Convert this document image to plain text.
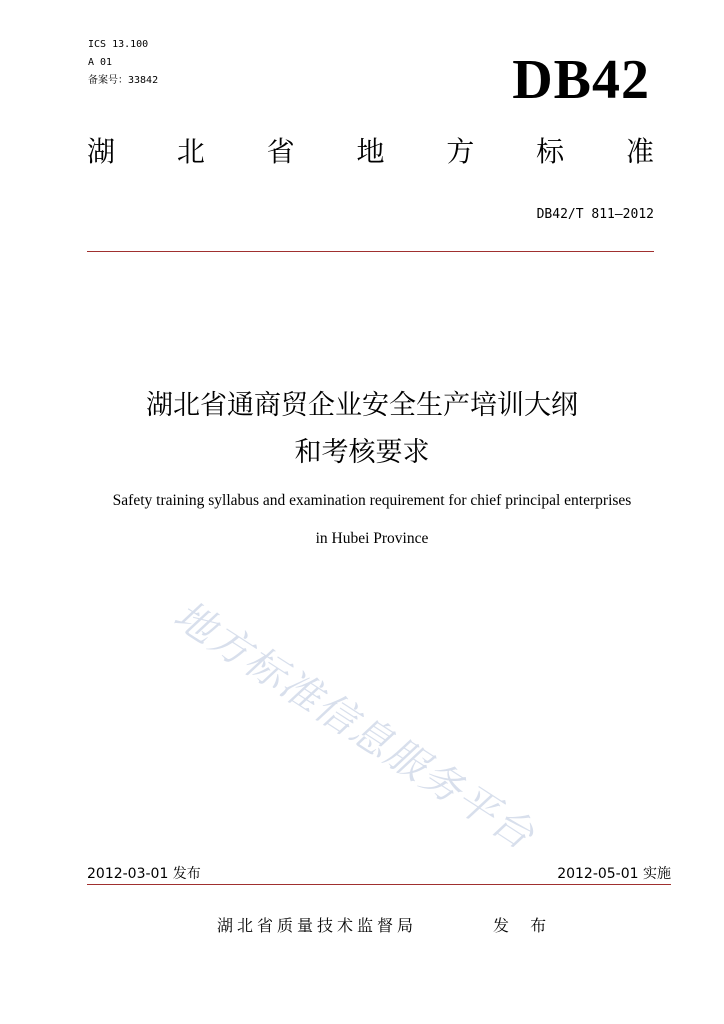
ICS 13.100
A 01
备案号：33842	DB42
湖 北 省 地 方 标 准
DB42/T 811—2012
湖北省通商贸企业安全生产培训大纲
和考核要求
Safety training syllabus and examination requirement for chief principal enterprises
in Hubei Province
地方标准信息服务平台
2012-03-01 发布	2012-05-01 实施
湖北省质量技术监督局	发 布
